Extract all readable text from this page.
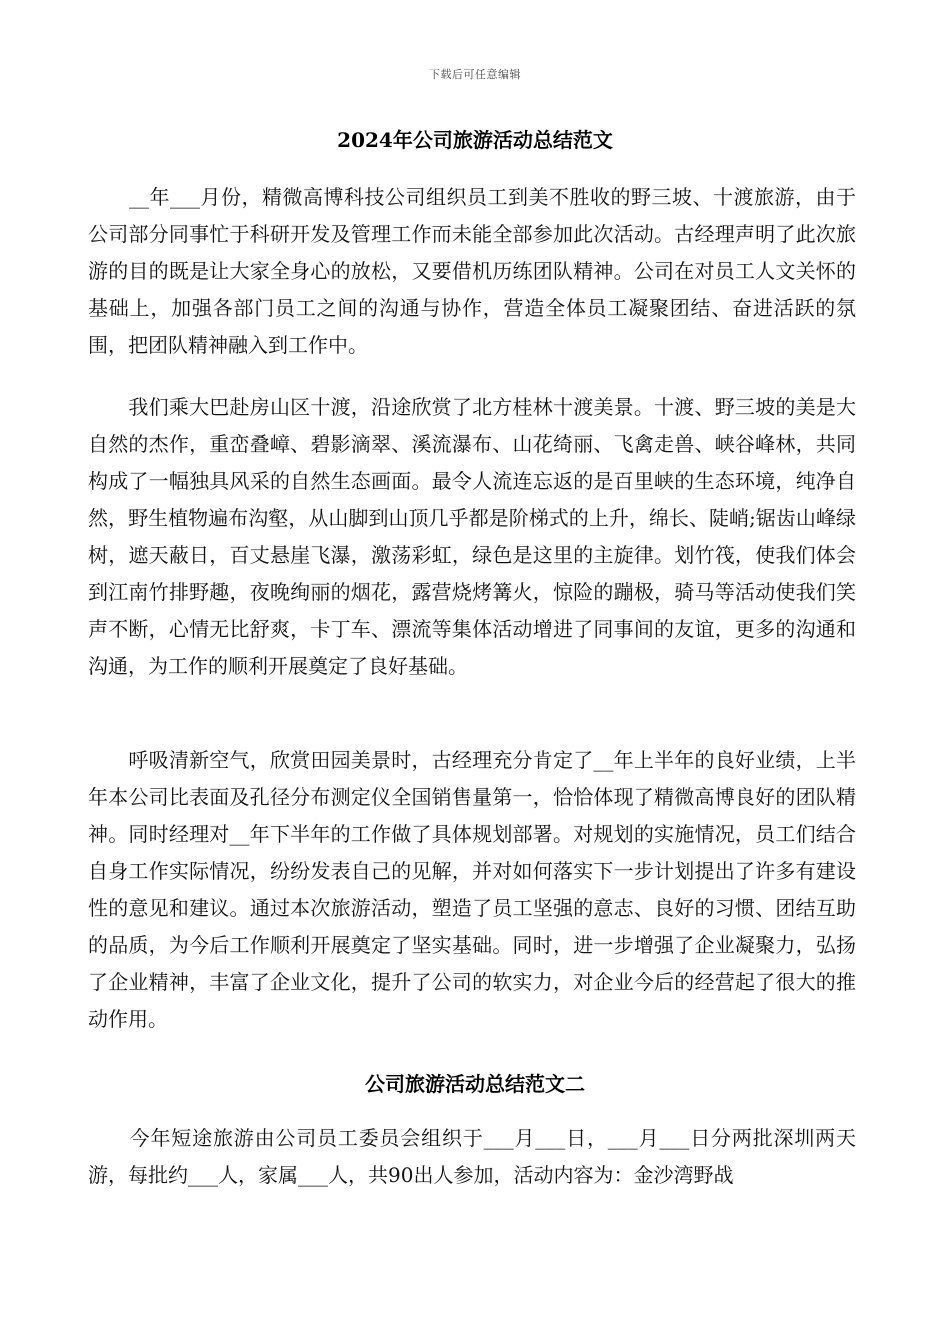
下载后可任意编辑
2024年公司旅游活动总结范文

　　__年___月份，精微高博科技公司组织员工到美不胜收的野三坡、十渡旅游，由于公司部分同事忙于科研开发及管理工作而未能全部参加此次活动。古经理声明了此次旅游的目的既是让大家全身心的放松，又要借机历练团队精神。公司在对员工人文关怀的基础上，加强各部门员工之间的沟通与协作，营造全体员工凝聚团结、奋进活跃的氛围，把团队精神融入到工作中。

　　我们乘大巴赴房山区十渡，沿途欣赏了北方桂林十渡美景。十渡、野三坡的美是大自然的杰作，重峦叠嶂、碧影滴翠、溪流瀑布、山花绮丽、飞禽走兽、峡谷峰林，共同构成了一幅独具风采的自然生态画面。最令人流连忘返的是百里峡的生态环境，纯净自然，野生植物遍布沟壑，从山脚到山顶几乎都是阶梯式的上升，绵长、陡峭;锯齿山峰绿树，遮天蔽日，百丈悬崖飞瀑，激荡彩虹，绿色是这里的主旋律。划竹筏，使我们体会到江南竹排野趣，夜晚绚丽的烟花，露营烧烤篝火，惊险的蹦极，骑马等活动使我们笑声不断，心情无比舒爽，卡丁车、漂流等集体活动增进了同事间的友谊，更多的沟通和沟通，为工作的顺利开展奠定了良好基础。

　　呼吸清新空气，欣赏田园美景时，古经理充分肯定了__年上半年的良好业绩，上半年本公司比表面及孔径分布测定仪全国销售量第一，恰恰体现了精微高博良好的团队精神。同时经理对__年下半年的工作做了具体规划部署。对规划的实施情况，员工们结合自身工作实际情况，纷纷发表自己的见解，并对如何落实下一步计划提出了许多有建设性的意见和建议。通过本次旅游活动，塑造了员工坚强的意志、良好的习惯、团结互助的品质，为今后工作顺利开展奠定了坚实基础。同时，进一步增强了企业凝聚力，弘扬了企业精神，丰富了企业文化，提升了公司的软实力，对企业今后的经营起了很大的推动作用。

公司旅游活动总结范文二

　　今年短途旅游由公司员工委员会组织于___月___日，___月___日分两批深圳两天游，每批约___人，家属___人，共90出人参加，活动内容为：金沙湾野战
